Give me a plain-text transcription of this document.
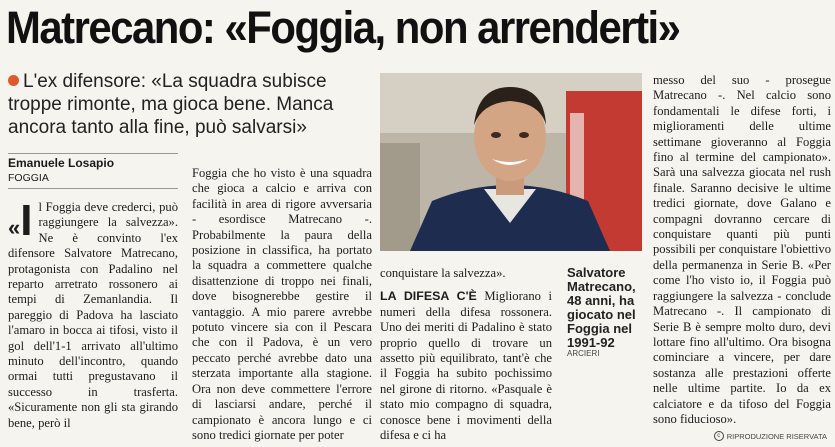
Matrecano: «Foggia, non arrenderti»
L'ex difensore: «La squadra subisce troppe rimonte, ma gioca bene. Manca ancora tanto alla fine, può salvarsi»
Emanuele Losapio
FOGGIA

«I l Foggia deve crederci, può raggiungere la salvezza». Ne è convinto l'ex difensore Salvatore Matrecano, protagonista con Padalino nel reparto arretrato rossonero ai tempi di Zemanlandia. Il pareggio di Padova ha lasciato l'amaro in bocca ai tifosi, visto il gol dell'1-1 arrivato all'ultimo minuto dell'incontro, quando ormai tutti pregustavano il successo in trasferta. «Sicuramente non gli sta girando bene, però il

Foggia che ho visto è una squadra che gioca a calcio e arriva con facilità in area di rigore avversaria - esordisce Matrecano -. Probabilmente la paura della posizione in classifica, ha portato la squadra a commettere qualche disattenzione di troppo nei finali, dove bisognerebbe gestire il vantaggio. A mio parere avrebbe potuto vincere sia con il Pescara che con il Padova, è un vero peccato perché avrebbe dato una sterzata importante alla stagione. Ora non deve commettere l'errore di lasciarsi andare, perché il campionato è ancora lungo e ci sono tredici giornate per poter

conquistare la salvezza».

LA DIFESA C'È Migliorano i numeri della difesa rossonera. Uno dei meriti di Padalino è stato proprio quello di trovare un assetto più equilibrato, tant'è che il Foggia ha subito pochissimo nel girone di ritorno. «Pasquale è stato mio compagno di squadra, conosce bene i movimenti della difesa e ci ha

Salvatore Matrecano, 48 anni, ha giocato nel Foggia nel 1991-92
ARCIERI

messo del suo - prosegue Matrecano -. Nel calcio sono fondamentali le difese forti, i miglioramenti delle ultime settimane gioveranno al Foggia fino al termine del campionato». Sarà una salvezza giocata nel rush finale. Saranno decisive le ultime tredici giornate, dove Galano e compagni dovranno cercare di conquistare quanti più punti possibili per conquistare l'obiettivo della permanenza in Serie B. «Per come l'ho visto io, il Foggia può raggiungere la salvezza - conclude Matrecano -. Il campionato di Serie B è sempre molto duro, devi lottare fino all'ultimo. Ora bisogna cominciare a vincere, per dare sostanza alle prestazioni offerte nelle ultime partite. Io da ex calciatore e da tifoso del Foggia sono fiducioso».

c RIPRODUZIONE RISERVATA
